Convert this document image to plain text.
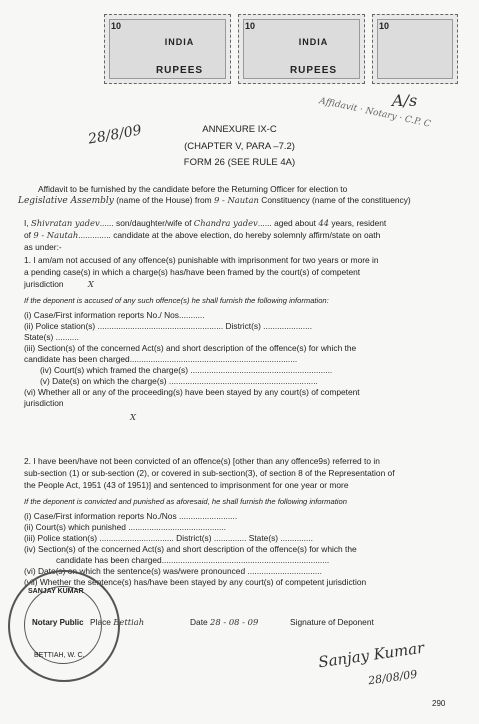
10
INDIA
RUPEES
10
INDIA
RUPEES
10
Affidavit · Notary · C.P. C
A/s
28/8/09	ANNEXURE IX-C
(CHAPTER V, PARA –7.2)
FORM 26 (SEE RULE 4A)
Affidavit to be furnished by the candidate before the Returning Officer for election to
Legislative Assembly (name of the House) from 9 - Nautan Constituency (name of the constituency)
I, Shivratan yadev...... son/daughter/wife of Chandra yadev...... aged about 44 years, resident
of 9 - Nautah.............. candidate at the above election, do hereby solemnly affirm/state on oath
as under:-
1. I am/am not accused of any offence(s) punishable with imprisonment for two years or more in
a pending case(s) in which a charge(s) has/have been framed by the court(s) of competent
jurisdiction	X
If the deponent is accused of any such offence(s) he shall furnish the following information:
(i) Case/First information reports No./ Nos...........
(ii) Police station(s) ...................................................... District(s) .....................
State(s) ..........
(iii) Section(s) of the concerned Act(s) and short description of the offence(s) for which the
candidate has been charged........................................................................
(iv) Court(s) which framed the charge(s) .............................................................
(v) Date(s) on which the charge(s) ................................................................
(vi) Whether all or any of the proceeding(s) have been stayed by any court(s) of competent
jurisdiction
X
2. I have been/have not been convicted of an offence(s) [other than any offence9s) referred to in
sub-section (1) or sub-section (2), or covered in sub-section(3), of section 8 of the Representation of
the People Act, 1951 (43 of 1951)] and sentenced to imprisonment for one year or more
If the deponent is convicted and punished as aforesaid, he shall furnish the following information
(i) Case/First information reports No./Nos .........................
(ii) Court(s) which punished ..........................................
(iii) Police station(s) ................................ District(s) .............. State(s) ..............
(iv) Section(s) of the concerned Act(s) and short description of the offence(s) for which the
candidate has been charged........................................................................
(vi) Date(s) on which the sentence(s) was/were pronounced ................................
(vii) Whether the sentence(s) has/have been stayed by any court(s) of competent jurisdiction
Place Bettiah	Date 28 - 08 - 09	Signature of Deponent
SANJAY KUMAR
Notary Public
BETTIAH, W. C.	Sanjay Kumar
28/08/09
290
